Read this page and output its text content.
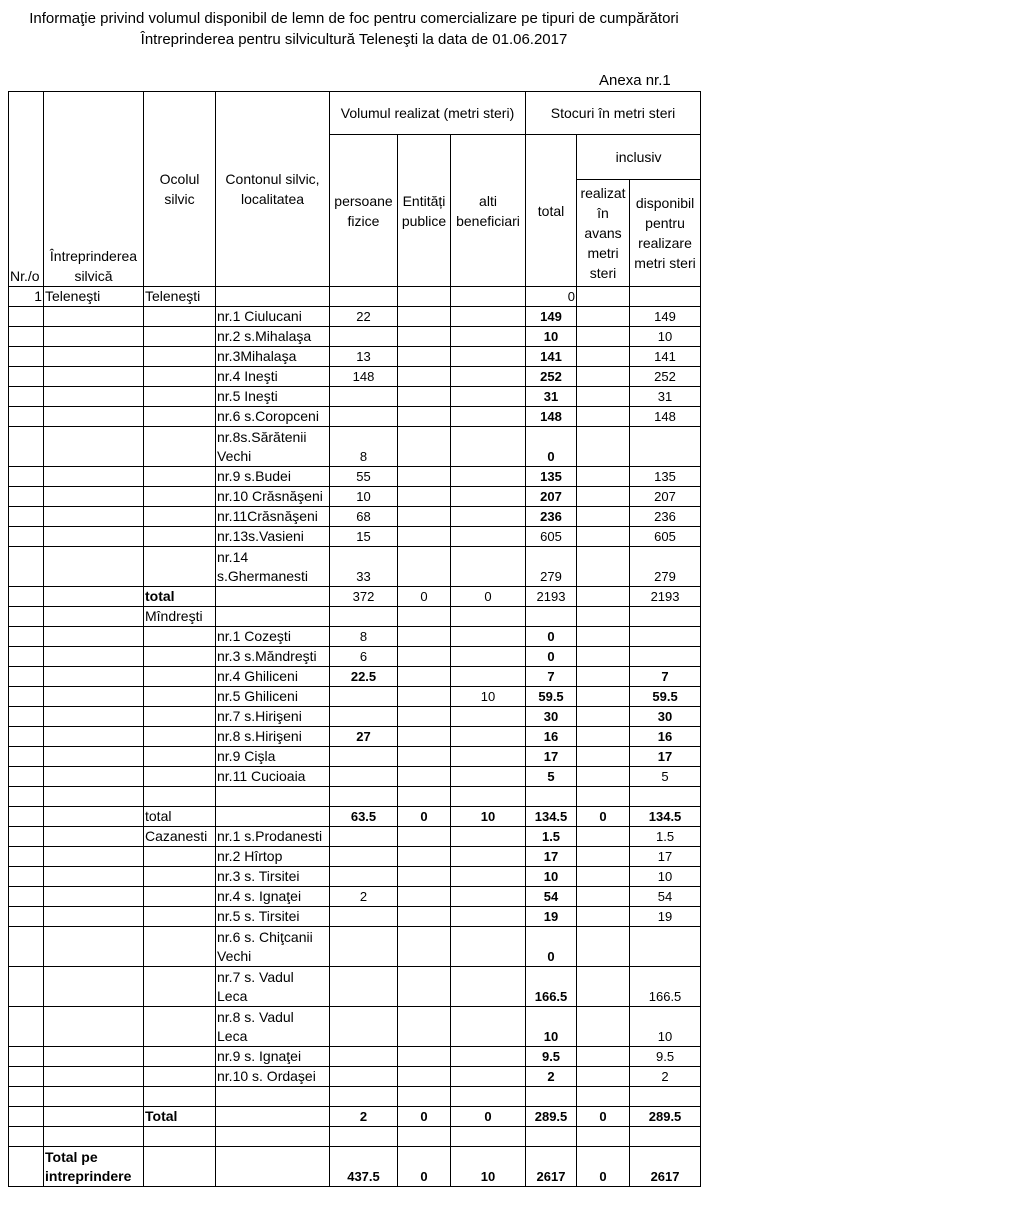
Informaţie privind volumul disponibil de lemn de foc pentru comercializare pe tipuri de cumpărători
Întreprinderea pentru silvicultură Teleneşti la data de 01.06.2017
Anexa nr.1
Nr./o	Întreprinderea silvică	Ocolul silvic	Contonul silvic, localitatea	Volumul realizat (metri steri)			Stocuri în metri steri		
				persoane fizice	Entități publice	alti beneficiari	total	inclusiv	
								realizat în avans metri steri	disponibil pentru realizare metri steri
1	Teleneşti	Teleneşti					0		
			nr.1 Ciulucani	22			149		149
			nr.2 s.Mihalaşa				10		10
			nr.3Mihalaşa	13			141		141
			nr.4 Ineşti	148			252		252
			nr.5 Ineşti				31		31
			nr.6 s.Coropceni				148		148
			nr.8s.Sărătenii Vechi	8			0		
			nr.9 s.Budei	55			135		135
			nr.10 Crăsnăşeni	10			207		207
			nr.11Crăsnăşeni	68			236		236
			nr.13s.Vasieni	15			605		605
			nr.14 s.Ghermanesti	33			279		279
		total		372	0	0	2193		2193
		Mîndreşti							
			nr.1 Cozeşti	8			0		
			nr.3 s.Măndreşti	6			0		
			nr.4 Ghiliceni	22.5			7		7
			nr.5 Ghiliceni			10	59.5		59.5
			nr.7 s.Hirişeni				30		30
			nr.8 s.Hirişeni	27			16		16
			nr.9 Cişla				17		17
			nr.11 Cucioaia				5		5

		total		63.5	0	10	134.5	0	134.5
		Cazanesti	nr.1 s.Prodanesti				1.5		1.5
			nr.2 Hîrtop				17		17
			nr.3 s. Tirsitei				10		10
			nr.4 s. Ignaţei	2			54		54
			nr.5 s. Tirsitei				19		19
			nr.6 s. Chiţcanii Vechi				0		
			nr.7 s. Vadul Leca				166.5		166.5
			nr.8 s. Vadul Leca				10		10
			nr.9 s. Ignaţei				9.5		9.5
			nr.10 s. Ordaşei				2		2

		Total		2	0	0	289.5	0	289.5

	Total pe intreprindere			437.5	0	10	2617	0	2617
